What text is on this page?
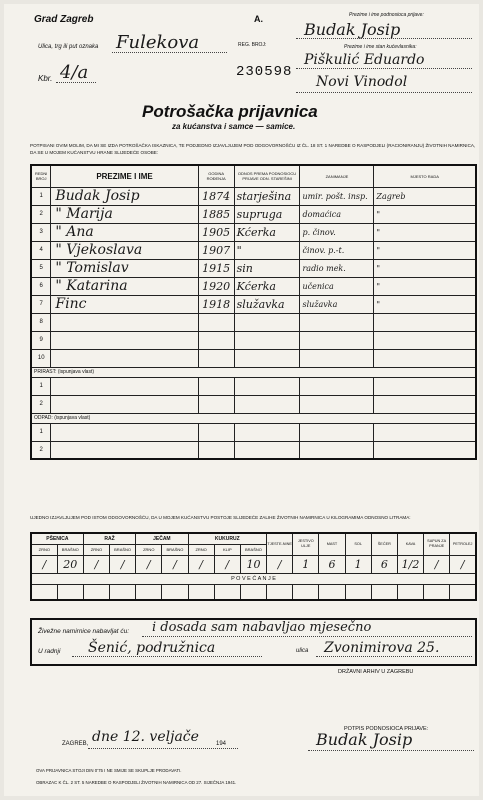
Grad Zagreb	A.	Prezime i ime podnosioca prijave:
Budak Josip
Ulica, trg ili put oznaka Fulekova	REG. BROJ:	Prezime i ime stan kućevlasnika:
Piškulić Eduardo
Kbr. 4/a	230598
Novi Vinodol
Potrošačka prijavnica
za kućanstva i samce — samice.
POTPISANI OVIM MOLIM, DA MI SE IZDA POTROŠAČKA ISKAZNICA, TE PODJEDNO IZJAVLJUJEM POD ODGOVORNOŠĆU IZ ČL. 18 ST. 1 NAREDBE O RASPODJELI (RACIONIRANJU) ŽIVOTNIH NAMIRNICA, DA SE U MOJEM KUĆANSTVU HRANE SLIJEDEĆE OSOBE:
REDNI BROJ	PREZIME I IME	GODINA ROĐENJA	ODNOS PREMA PODNOSIOCU PRIJAVE ODN. STAREŠINI	ZANIMANJE	MJESTO RADA
1	Budak Josip	1874	starješina	umir. pošt. insp.	Zagreb
2	" Marija	1885	supruga	domaćica	"
3	" Ana	1905	Kćerka	p. činov.	"
4	" Vjekoslava	1907	"	činov. p.-t.	"
5	" Tomislav	1915	sin	radio mek.	"
6	" Katarina	1920	Kćerka	učenica	"
7	Finc	1918	služavka	služavka	"
8					
9					
10					
PRIRAST: (ispunjava vlast)					
1					
2					
ODPAD: (ispunjava vlast)					
1					
2					
UJEDNO IZJAVLJUJEM POD ISTOM ODGOVORNOŠĆU, DA U MOJEM KUĆANSTVU POSTOJE SLIJEDEĆE ZALIHE ŽIVOTNIH NAMIRNICA U KILOGRAMIMA ODNOSNO LITRAMA:
PŠENICA		RAŽ		JEČAM		KUKURUZ			TJESTE-NINE	JESTIVO ULJE	MAST	SOL	ŠEĆER	KAVA	SAPUN ZA PRANJE	PETROLEJ
ZRNO	BRAŠNO	ZRNO	BRAŠNO	ZRNO	BRAŠNO	ZRNO	KLIP	BRAŠNO								
/	20	/	/	/	/	/	/	10	/	1	6	1	6	1/2	/	/
P O V E Ć A N J E																

Živežne namirnice nabavljat ću: i dosada sam nabavljao mjesečno
U radnji Šenić, podružnica	ulica Zvonimirova 25.
DRŽAVNI ARHIV U ZAGREBU
POTPIS PODNOSIOCA PRIJAVE:
ZAGREB, dne 12. veljače	194	Budak Josip
OVA PRIJAVNICA STOJI DIN 0'75 I NE SMIJE SE SKUPLJE PRODAVATI.
OBRAZAC K ČL. 2 ST. 5 NAREDBE O RASPODJELI ŽIVOTNIH NAMIRNICA OD 27. SIJEČNJA 1941.
